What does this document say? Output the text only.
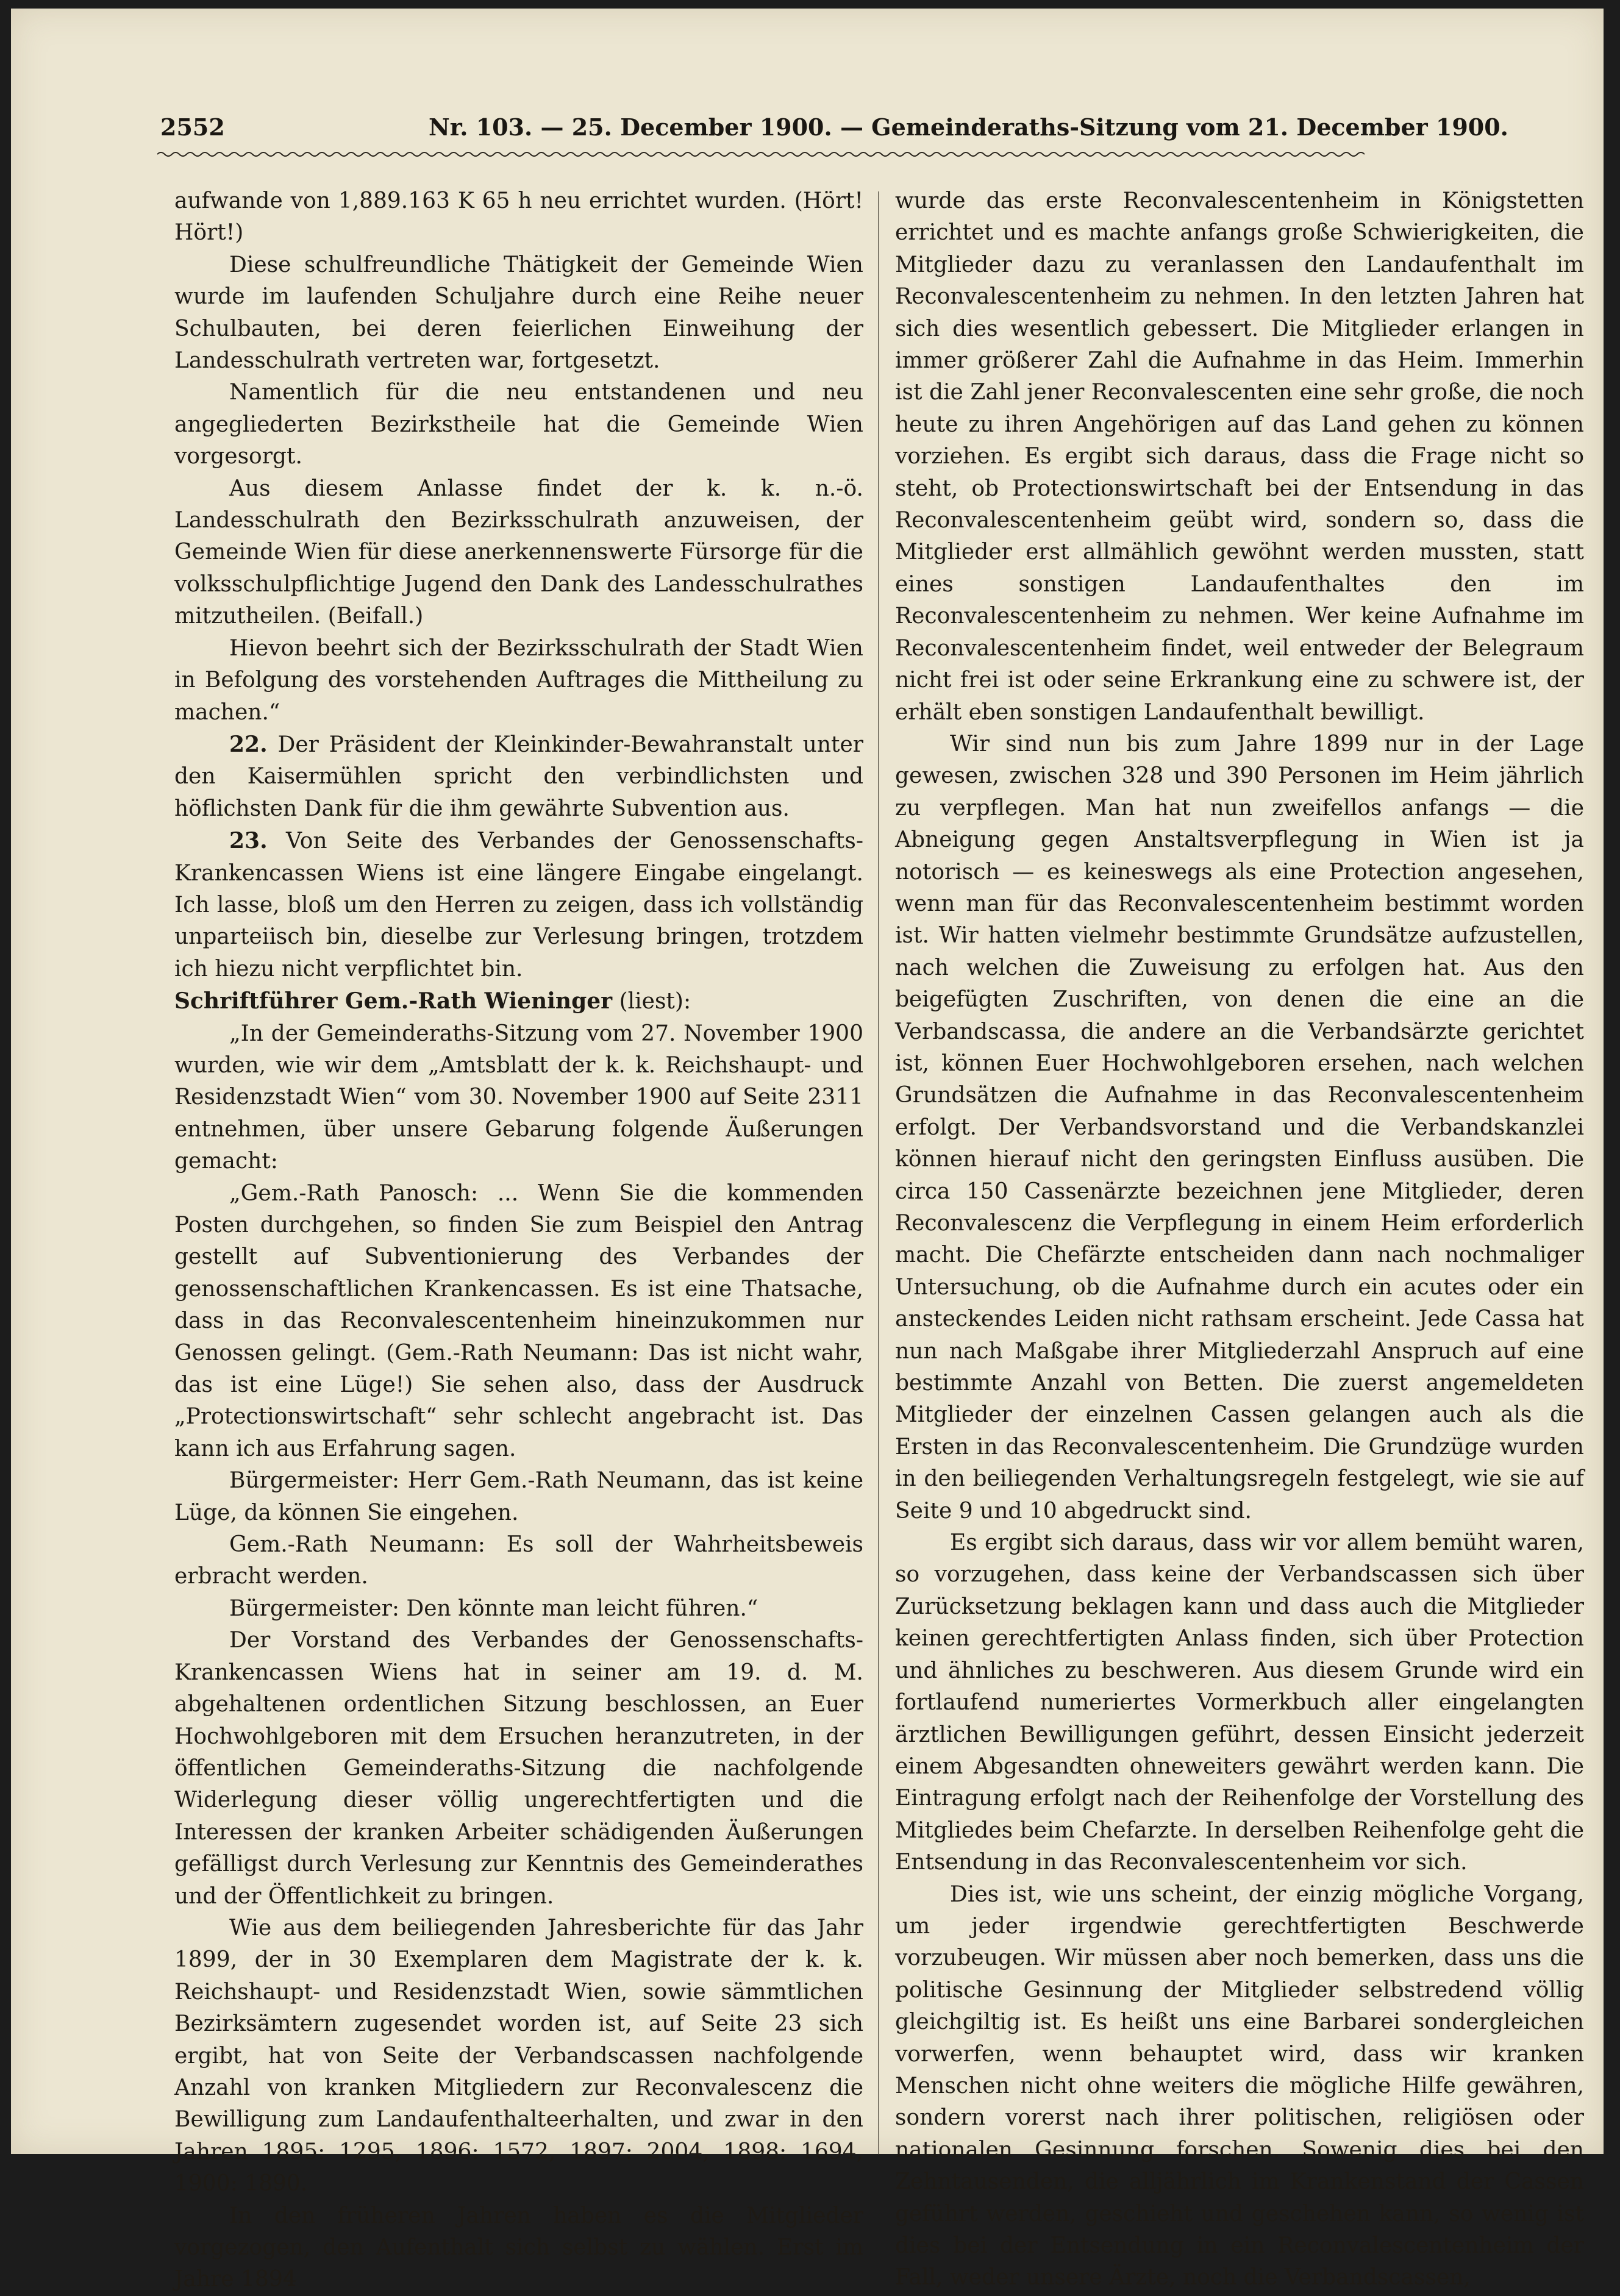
2552	Nr. 103. — 25. December 1900. — Gemeinderaths-Sitzung vom 21. December 1900.

aufwande von 1,889.163 K 65 h neu errichtet wurden. (Hört! Hört!)

Diese schulfreundliche Thätigkeit der Gemeinde Wien wurde im laufenden Schuljahre durch eine Reihe neuer Schulbauten, bei deren feierlichen Einweihung der Landesschulrath vertreten war, fortgesetzt.

Namentlich für die neu entstandenen und neu angegliederten Bezirkstheile hat die Gemeinde Wien vorgesorgt.

Aus diesem Anlasse findet der k. k. n.-ö. Landesschulrath den Bezirksschulrath anzuweisen, der Gemeinde Wien für diese anerkennenswerte Fürsorge für die volksschulpflichtige Jugend den Dank des Landesschulrathes mitzutheilen. (Beifall.)

Hievon beehrt sich der Bezirksschulrath der Stadt Wien in Befolgung des vorstehenden Auftrages die Mittheilung zu machen.“

22. Der Präsident der Kleinkinder-Bewahranstalt unter den Kaisermühlen spricht den verbindlichsten und höflichsten Dank für die ihm gewährte Subvention aus.

23. Von Seite des Verbandes der Genossenschafts-Krankencassen Wiens ist eine längere Eingabe eingelangt. Ich lasse, bloß um den Herren zu zeigen, dass ich vollständig unparteiisch bin, dieselbe zur Verlesung bringen, trotzdem ich hiezu nicht verpflichtet bin.

Schriftführer Gem.-Rath Wieninger (liest):

„In der Gemeinderaths-Sitzung vom 27. November 1900 wurden, wie wir dem „Amtsblatt der k. k. Reichshaupt- und Residenzstadt Wien“ vom 30. November 1900 auf Seite 2311 entnehmen, über unsere Gebarung folgende Äußerungen gemacht:

„Gem.-Rath Panosch: ... Wenn Sie die kommenden Posten durchgehen, so finden Sie zum Beispiel den Antrag gestellt auf Subventionierung des Verbandes der genossenschaftlichen Krankencassen. Es ist eine Thatsache, dass in das Reconvalescentenheim hineinzukommen nur Genossen gelingt. (Gem.-Rath Neumann: Das ist nicht wahr, das ist eine Lüge!) Sie sehen also, dass der Ausdruck „Protectionswirtschaft“ sehr schlecht angebracht ist. Das kann ich aus Erfahrung sagen.

Bürgermeister: Herr Gem.-Rath Neumann, das ist keine Lüge, da können Sie eingehen.

Gem.-Rath Neumann: Es soll der Wahrheitsbeweis erbracht werden.

Bürgermeister: Den könnte man leicht führen.“

Der Vorstand des Verbandes der Genossenschafts-Krankencassen Wiens hat in seiner am 19. d. M. abgehaltenen ordentlichen Sitzung beschlossen, an Euer Hochwohlgeboren mit dem Ersuchen heranzutreten, in der öffentlichen Gemeinderaths-Sitzung die nachfolgende Widerlegung dieser völlig ungerechtfertigten und die Interessen der kranken Arbeiter schädigenden Äußerungen gefälligst durch Verlesung zur Kenntnis des Gemeinderathes und der Öffentlichkeit zu bringen.

Wie aus dem beiliegenden Jahresberichte für das Jahr 1899, der in 30 Exemplaren dem Magistrate der k. k. Reichshaupt- und Residenzstadt Wien, sowie sämmtlichen Bezirksämtern zugesendet worden ist, auf Seite 23 sich ergibt, hat von Seite der Verbandscassen nachfolgende Anzahl von kranken Mitgliedern zur Reconvalescenz die Bewilligung zum Landaufenthalteerhalten, und zwar in den Jahren 1895: 1295, 1896: 1572, 1897: 2004, 1898: 1694, 1900: 1890.

In den früheren Jahren haben es die Mitglieder vorgezogen, den Aufenthalt sich selbst zu wählen. Erst im Jahre 1894

wurde das erste Reconvalescentenheim in Königstetten errichtet und es machte anfangs große Schwierigkeiten, die Mitglieder dazu zu veranlassen den Landaufenthalt im Reconvalescentenheim zu nehmen. In den letzten Jahren hat sich dies wesentlich gebessert. Die Mitglieder erlangen in immer größerer Zahl die Aufnahme in das Heim. Immerhin ist die Zahl jener Reconvalescenten eine sehr große, die noch heute zu ihren Angehörigen auf das Land gehen zu können vorziehen. Es ergibt sich daraus, dass die Frage nicht so steht, ob Protectionswirtschaft bei der Entsendung in das Reconvalescentenheim geübt wird, sondern so, dass die Mitglieder erst allmählich gewöhnt werden mussten, statt eines sonstigen Landaufenthaltes den im Reconvalescentenheim zu nehmen. Wer keine Aufnahme im Reconvalescentenheim findet, weil entweder der Belegraum nicht frei ist oder seine Erkrankung eine zu schwere ist, der erhält eben sonstigen Landaufenthalt bewilligt.

Wir sind nun bis zum Jahre 1899 nur in der Lage gewesen, zwischen 328 und 390 Personen im Heim jährlich zu verpflegen. Man hat nun zweifellos anfangs — die Abneigung gegen Anstaltsverpflegung in Wien ist ja notorisch — es keineswegs als eine Protection angesehen, wenn man für das Reconvalescentenheim bestimmt worden ist. Wir hatten vielmehr bestimmte Grundsätze aufzustellen, nach welchen die Zuweisung zu erfolgen hat. Aus den beigefügten Zuschriften, von denen die eine an die Verbandscassa, die andere an die Verbandsärzte gerichtet ist, können Euer Hochwohlgeboren ersehen, nach welchen Grundsätzen die Aufnahme in das Reconvalescentenheim erfolgt. Der Verbandsvorstand und die Verbandskanzlei können hierauf nicht den geringsten Einfluss ausüben. Die circa 150 Cassenärzte bezeichnen jene Mitglieder, deren Reconvalescenz die Verpflegung in einem Heim erforderlich macht. Die Chefärzte entscheiden dann nach nochmaliger Untersuchung, ob die Aufnahme durch ein acutes oder ein ansteckendes Leiden nicht rathsam erscheint. Jede Cassa hat nun nach Maßgabe ihrer Mitgliederzahl Anspruch auf eine bestimmte Anzahl von Betten. Die zuerst angemeldeten Mitglieder der einzelnen Cassen gelangen auch als die Ersten in das Reconvalescentenheim. Die Grundzüge wurden in den beiliegenden Verhaltungsregeln festgelegt, wie sie auf Seite 9 und 10 abgedruckt sind.

Es ergibt sich daraus, dass wir vor allem bemüht waren, so vorzugehen, dass keine der Verbandscassen sich über Zurücksetzung beklagen kann und dass auch die Mitglieder keinen gerechtfertigten Anlass finden, sich über Protection und ähnliches zu beschweren. Aus diesem Grunde wird ein fortlaufend numeriertes Vormerkbuch aller eingelangten ärztlichen Bewilligungen geführt, dessen Einsicht jederzeit einem Abgesandten ohneweiters gewährt werden kann. Die Eintragung erfolgt nach der Reihenfolge der Vorstellung des Mitgliedes beim Chefarzte. In derselben Reihenfolge geht die Entsendung in das Reconvalescentenheim vor sich.

Dies ist, wie uns scheint, der einzig mögliche Vorgang, um jeder irgendwie gerechtfertigten Beschwerde vorzubeugen. Wir müssen aber noch bemerken, dass uns die politische Gesinnung der Mitglieder selbstredend völlig gleichgiltig ist. Es heißt uns eine Barbarei sondergleichen vorwerfen, wenn behauptet wird, dass wir kranken Menschen nicht ohne weiters die mögliche Hilfe gewähren, sondern vorerst nach ihrer politischen, religiösen oder nationalen Gesinnung forschen. Sowenig dies bei den Zehntausenden, die alljährlich im Krankenstand der Cassen geführt werden, geschieht und geschehen kann, so wenig ist dies bei der Entsendung in ein Reconvalescentenheim der Fall, weder unsere Ärzte, noch die Verbandscassen,
